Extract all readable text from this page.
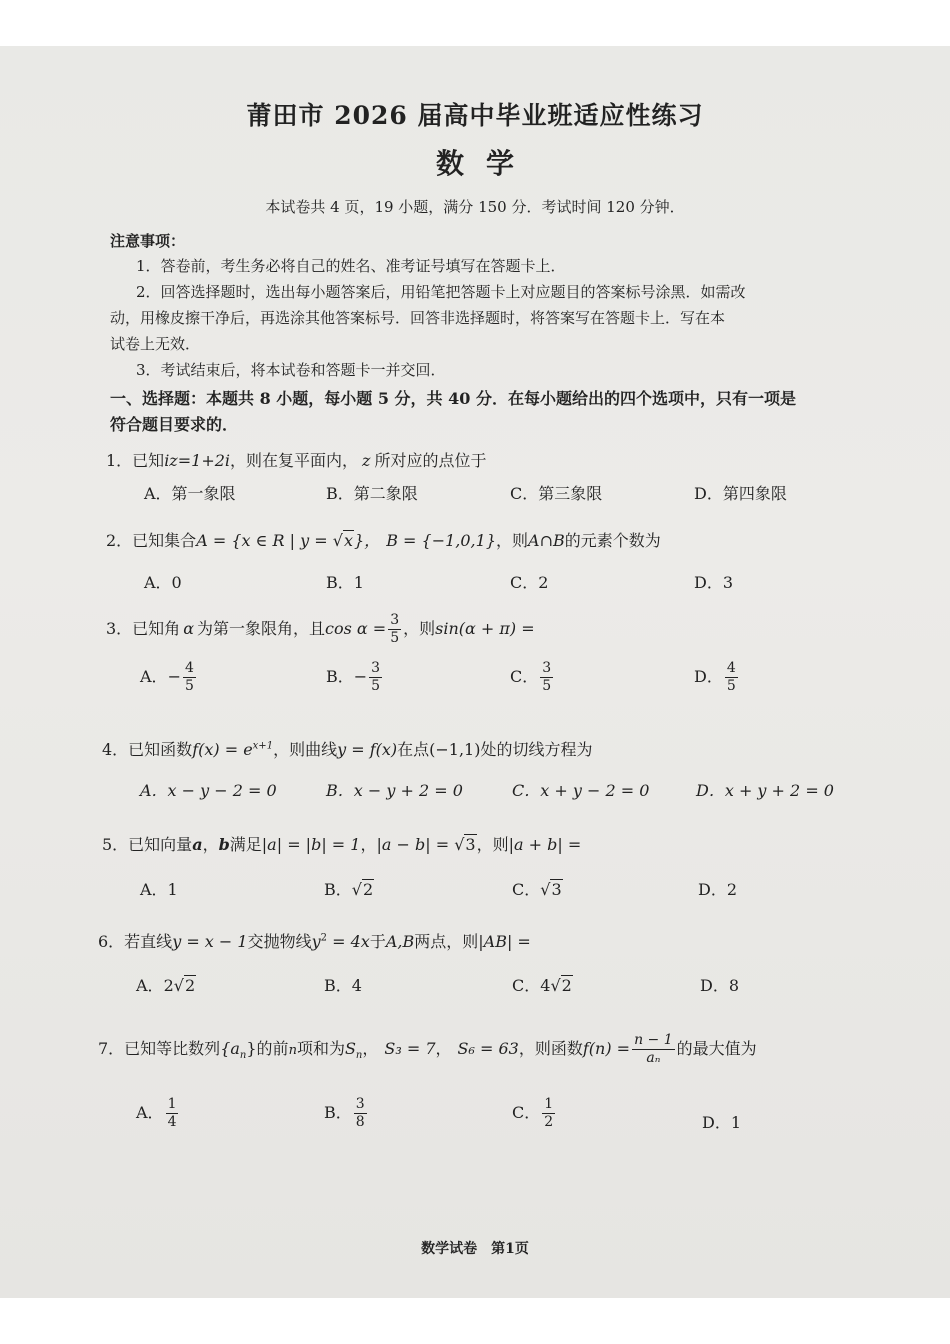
莆田市 2026 届高中毕业班适应性练习
数学
本试卷共 4 页，19 小题，满分 150 分．考试时间 120 分钟．
注意事项：
1．答卷前，考生务必将自己的姓名、准考证号填写在答题卡上．
2．回答选择题时，选出每小题答案后，用铅笔把答题卡上对应题目的答案标号涂黑．如需改
动，用橡皮擦干净后，再选涂其他答案标号．回答非选择题时，将答案写在答题卡上．写在本
试卷上无效．
3．考试结束后，将本试卷和答题卡一并交回．
一、选择题：本题共 8 小题，每小题 5 分，共 40 分．在每小题给出的四个选项中，只有一项是
符合题目要求的．
1．已知iz=1+2i，则在复平面内， z 所对应的点位于
A．第一象限	B．第二象限	C．第三象限	D．第四象限
2．已知集合A = {x ∈ R | y = √x}， B = {−1,0,1}，则A∩B的元素个数为
A．0	B．1	C．2	D．3
3．已知角 α 为第一象限角，且$\cos \alpha = \frac{3}{5}$ ，则sin(α + π) =
A．− $\frac{4}{5}$	B．− $\frac{3}{5}$	C． $\frac{3}{5}$	D． $\frac{4}{5}$
4．已知函数$f(x) = e^{x+1}$，则曲线y = f(x)在点(−1,1)处的切线方程为
A．x − y − 2 = 0	B．x − y + 2 = 0	C．x + y − 2 = 0	D．x + y + 2 = 0
5．已知向量a，b满足|a| = |b| = 1，|a − b| = √3，则|a + b| =
A．1	B．√2	C．√3	D．2
6．若直线y = x − 1交抛物线$y^2 = 4x$于A,B两点，则|AB| =
A．2√2	B．4	C．4√2	D．8
7．已知等比数列$\{a_n\}$的前n项和为$S_n$， S₃ = 7， S₆ = 63，则函数$f(n) = \frac{n - 1}{\text{aₙ}}$ 的最大值为
A． $\frac{1}{4}$	B． $\frac{3}{8}$	C． $\frac{1}{2}$	D．1
数学试卷　第1页
